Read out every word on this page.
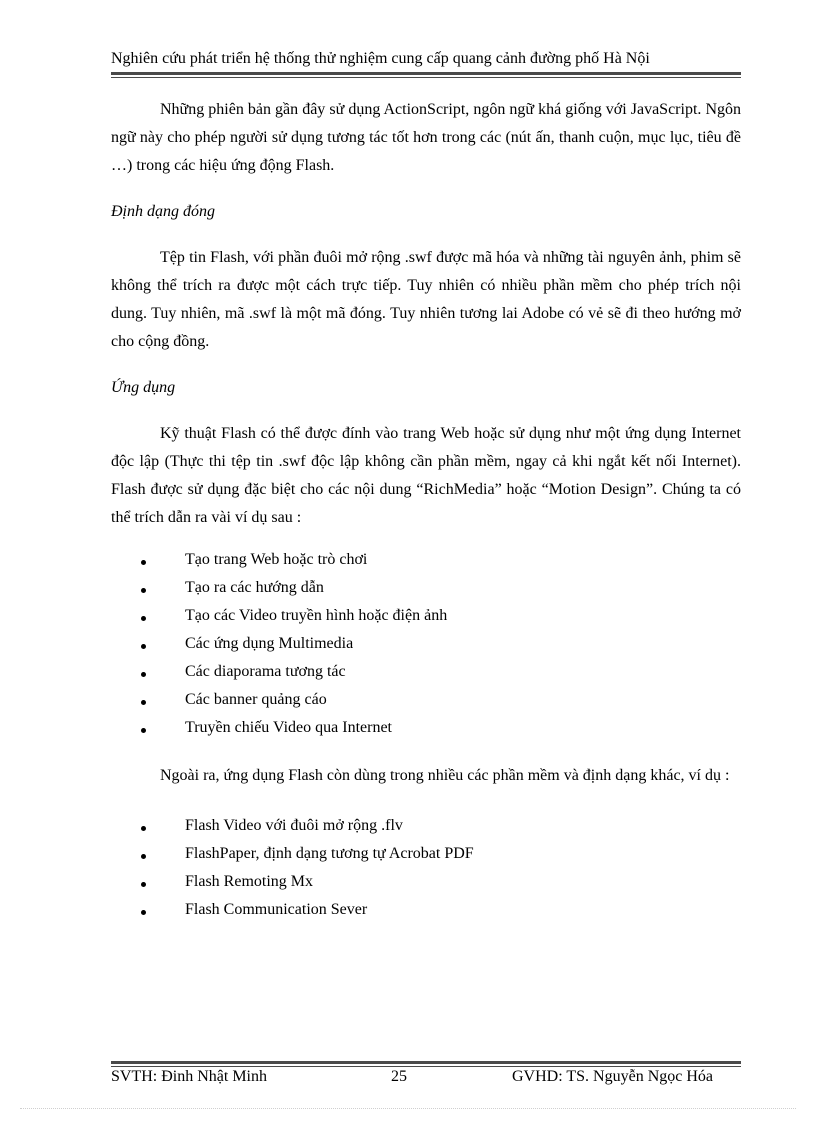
Nghiên cứu phát triển hệ thống thử nghiệm cung cấp quang cảnh đường phố Hà Nội

Những phiên bản gần đây sử dụng ActionScript, ngôn ngữ khá giống với JavaScript. Ngôn ngữ này cho phép người sử dụng tương tác tốt hơn trong các (nút ấn, thanh cuộn, mục lục, tiêu đề …) trong các hiệu ứng động Flash.

Định dạng đóng

Tệp tin Flash, với phần đuôi mở rộng .swf được mã hóa và những tài nguyên ảnh, phim sẽ không thể trích ra được một cách trực tiếp. Tuy nhiên có nhiều phần mềm cho phép trích nội dung. Tuy nhiên, mã .swf là một mã đóng. Tuy nhiên tương lai Adobe có vẻ sẽ đi theo hướng mở cho cộng đồng.

Ứng dụng

Kỹ thuật Flash có thể được đính vào trang Web hoặc sử dụng như một ứng dụng Internet độc lập (Thực thi tệp tin .swf độc lập không cần phần mềm, ngay cả khi ngắt kết nối Internet). Flash được sử dụng đặc biệt cho các nội dung “RichMedia” hoặc “Motion Design”. Chúng ta có thể trích dẫn ra vài ví dụ sau :

Tạo trang Web hoặc trò chơi
Tạo ra các hướng dẫn
Tạo các Video truyền hình hoặc điện ảnh
Các ứng dụng Multimedia
Các diaporama tương tác
Các banner quảng cáo
Truyền chiếu Video qua Internet

Ngoài ra, ứng dụng Flash còn dùng trong nhiều các phần mềm và định dạng khác, ví dụ :

Flash Video với đuôi mở rộng .flv
FlashPaper, định dạng tương tự Acrobat PDF
Flash Remoting Mx
Flash Communication Sever
SVTH: Đinh Nhật Minh	25	GVHD: TS. Nguyễn Ngọc Hóa
